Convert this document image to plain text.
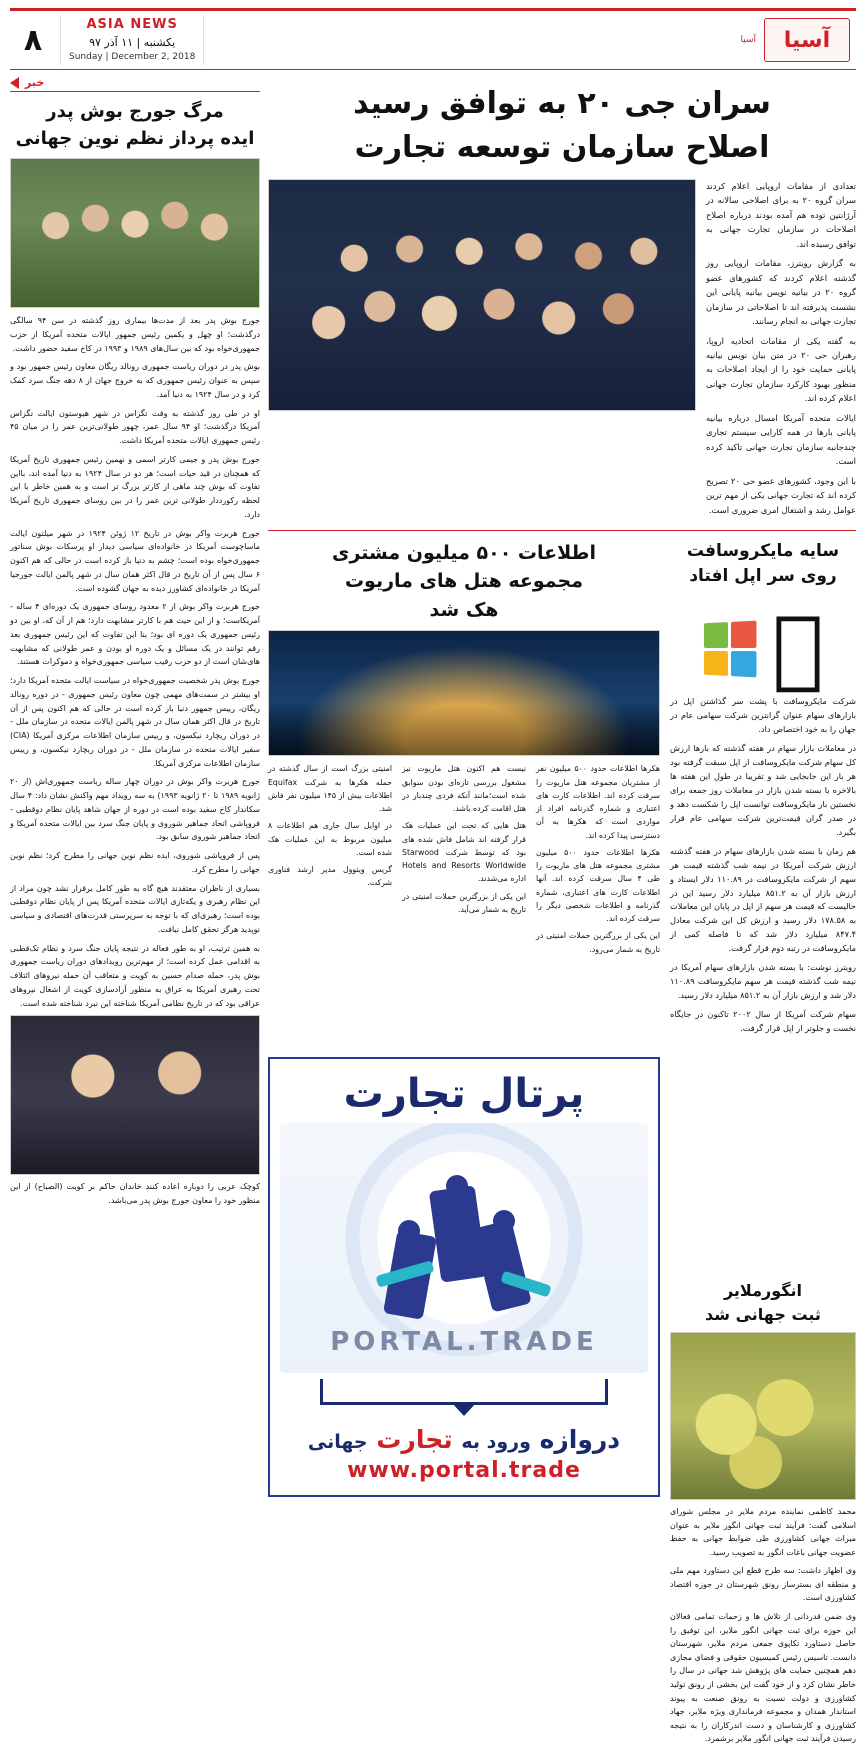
آسیا
آسیا
ASIA NEWS
یکشنبه | ۱۱ آذر ۹۷
Sunday | December 2, 2018
۸
سران جی ۲۰ به توافق رسید
اصلاح سازمان توسعه تجارت

تعدادی از مقامات اروپایی اعلام کردند سران گروه ۲۰ به برای اصلاحی سالانه در آرژانتین توده هم آمده بودند درباره اصلاح اصلاحات در سازمان تجارت جهانی به توافق رسیده اند.

به گزارش رویترز، مقامات اروپایی روز گذشته اعلام کردند که کشورهای عضو گروه ۲۰ در بیانیه نویس بیانیه پایانی این نشست پذیرفته اند تا اصلاحاتی در سازمان تجارت جهانی به انجام رسانند.

به گفته یکی از مقامات اتحادیه اروپا، رهبران حی ۲۰ در متن بیان نویس بیانیه پایانی حمایت خود را از ایجاد اصلاحات به منظور بهبود کارکرد سازمان تجارت جهانی اعلام کرده اند.

ایالات متحده آمریکا امسال درباره بیانیه پایانی بارها در همه کارایی سیستم تجاری چندجانبه سازمان تجارت جهانی تاکید کرده است.

با این وجود، کشورهای عضو حی ۲۰ تصریح کرده اند که تجارت جهانی یکی از مهم ترین عوامل رشد و اشتغال امری ضروری است.

سایه مایکروسافت
روی سر اپل افتاد

شرکت مایکروسافت با پشت سر گذاشتن اپل در بازارهای سهام عنوان گرانترین شرکت سهامی عام در جهان را به خود اختصاص داد.

در معاملات بازار سهام در هفته گذشته که بارها ارزش کل سهام شرکت مایکروسافت از اپل سبقت گرفته بود هر بار این جابجایی شد و تقریبا در طول این هفته ها بالاخره با بسته شدن بازار در معاملات روز جمعه برای نخستین بار مایکروسافت توانست اپل را شکست دهد و در صدر گران قیمت‌ترین شرکت سهامی عام قرار بگیرد.

هم زمان با بسته شدن بازارهای سهام در هفته گذشته ارزش شرکت آمریکا در نیمه شب گذشته قیمت هر سهم از شرکت مایکروسافت در ۱۱۰.۸۹ دلار ایستاد و ارزش بازار آن به ۸۵۱.۲ میلیارد دلار رسید این در حالیست که قیمت هر سهم از اپل در پایان این معاملات به ۱۷۸.۵۸ دلار رسید و ارزش کل این شرکت معادل ۸۴۷.۴ میلیارد دلار شد که تا فاصله کمی از مایکروسافت در رتبه دوم قرار گرفت.

رویترز نوشت: با بسته شدن بازارهای سهام آمریکا در نیمه شب گذشته قیمت هر سهم مایکروسافت ۱۱۰.۸۹ دلار شد و ارزش بازار آن به ۸۵۱.۲ میلیارد دلار رسید.

سهام شرکت آمریکا از سال ۲۰۰۲ تاکنون در جایگاه نخست و جلوتر از اپل قرار گرفت.

اطلاعات ۵۰۰ میلیون مشتری
مجموعه هتل های ماریوت
هک شد

هکرها اطلاعات حدود ۵۰۰ میلیون نفر از مشتریان مجموعه هتل ماریوت را سرقت کرده اند. اطلاعات کارت های اعتباری و شماره گذرنامه افراد از مواردی است که هکرها به آن دسترسی پیدا کرده اند.

هکرها اطلاعات حدود ۵۰۰ میلیون مشتری مجموعه هتل های ماریوت را طی ۴ سال سرقت کرده اند. آنها اطلاعات کارت های اعتباری، شماره گذرنامه و اطلاعات شخصی دیگر را سرقت کرده اند.

این یکی از بزرگترین حملات امنیتی در تاریخ به شمار می‌رود.

نیست هم اکنون هتل ماریوت نیز مشغول بررسی تازه‌ای بودن سوابق شده است؛مانند آنکه فردی چندبار در هتل اقامت کرده باشد.

هتل هایی که تحت این عملیات هک قرار گرفته اند شامل فاش شده های بود که توسط شرکت Starwood Hotels and Resorts Worldwide اداره می‌شدند.

این یکی از بزرگترین حملات امنیتی در تاریخ به شمار می‌آید.

امنیتی بزرگ است از سال گذشته در حمله هکرها به شرکت Equifax اطلاعات بیش از ۱۴۵ میلیون نفر فاش شد.

در اوایل سال جاری هم اطلاعات ۸ میلیون مربوط به این عملیات هک شده است.

گریس ویتوول مدیر ارشد فناوری شرکت.

انگورملایر
ثبت جهانی شد

محمد کاظمی نماینده مردم ملایر در مجلس شورای اسلامی گفت: فرآیند ثبت جهانی انگور ملایر به عنوان میراث جهانی کشاورزی طی ضوابط جهانی به حفظ عضویت جهانی باغات انگور به تصویب رسید.

وی اظهار داشت: سه طرح قطع این دستاورد مهم ملی و منطقه ای بسترساز رونق شهرستان در حوزه اقتصاد کشاورزی است.

وی ضمن قدردانی از تلاش ها و زحمات تمامی فعالان این حوزه برای ثبت جهانی انگور ملایر، این توفیق را حاصل دستاورد تکاپوی جمعی مردم ملایر، شهرستان دانست. تاسیس رئیس کمیسیون حقوقی و فضای مجازی دهم همچنین حمایت های پژوهش شد جهانی در سال را خاطر نشان کرد و از خود گفت این بخشی از رونق تولید کشاورزی و دولت نسبت به رونق صنعت به پیوند استاندار همدان و مجموعه فرمانداری ویژه ملایر، جهاد کشاورزی و کارشناسان و دست اندرکاران را به نتیجه رسیدن فرآیند ثبت جهانی انگور ملایر برشمرد.

پرتال تجارت
PORTAL.TRADE
دروازه ورود به تجارت جهانی
www.portal.trade
خبر
مرگ جورج بوش پدر
ایده پرداز نظم نوین جهانی

جورج بوش پدر بعد از مدت‌ها بیماری روز گذشته در سن ۹۴ سالگی درگذشت؛ او چهل و یکمین رئیس جمهور ایالات متحده آمریکا از حزب جمهوری‌خواه بود که بین سال‌های ۱۹۸۹ و ۱۹۹۳ در کاخ سفید حضور داشت.

بوش پدر در دوران ریاست جمهوری رونالد ریگان معاون رئیس جمهور بود و سپس به عنوان رئیس جمهوری که به خروج جهان از ۸ دهه جنگ سرد کمک کرد و در سال ۱۹۲۴ به دنیا آمد.

او در طی روز گذشته به وقت تگزاس در شهر هیوستون ایالت تگزاس آمریکا درگذشت؛ او ۹۴ سال عمر، چهور طولانی‌ترین عمر را در میان ۴۵ رئیس جمهوری ایالات متحده آمریکا داشت.

جورج بوش پدر و جیمی کارتر اسمی و نهمین رئیس جمهوری تاریخ آمریکا که همچنان در قید حیات است؛ هر دو در سال ۱۹۲۴ به دنیا آمده اند، بااین تفاوت که بوش چند ماهی از کارتر بزرگ تر است و به همین خاطر با این لحظه رکورددار طولانی ترین عمر را در بین روسای جمهوری تاریخ آمریکا دارد.

جورج هربرت واکر بوش در تاریخ ۱۲ ژوئن ۱۹۲۴ در شهر میلتون ایالت ماساچوست آمریکا در خانواده‌ای سیاسی دیدار او پرسکات بوش سناتور جمهوری‌خواه بوده است؛ چشم به دنیا باز کرده است در حالی که هم اکنون ۶ سال پس از آن تاریخ در قال اکثر همان سال در شهر پالمن ایالت جورجیا آمریکا در خانواده‌ای کشاورز دیده به جهان گشوده است.

جورج هربرت واکر بوش از ۲ معدود روسای جمهوری یک دوره‌ای ۴ ساله - آمریکاست؛ و از این حیث هم با کارتر مشابهت دارد؛ هم از آن که، او بین دو رئیس جمهوری یک دوره ای بود؛ بنا این تفاوت که این رئیس جمهوری بعد رقم توانند در یک مسائل و یک دوره او بودن و عمر طولانی که مشابهت های‌شان است از دو حزب رقیب سیاسی جمهوری‌خواه و دموکرات هستند.

جورج بوش پدر شخصیت جمهوری‌خواه در سیاست ایالت متحده آمریکا دارد؛ او بیشتر در سمت‌های مهمی چون معاون رئیس جمهوری - در دوره رونالد ریگان، رییس جمهور دنیا باز کرده است در حالی که هم اکنون پس از آن تاریخ در قال اکثر همان سال در شهر پالمن ایالات متحده در سازمان ملل - در دوران ریچارد نیکسون، و رییس سازمان اطلاعات مرکزی آمریکا (CIA) سفیر ایالات متحده در سازمان ملل - در دوران ریچارد نیکسون، و رییس سازمان اطلاعات مرکزی آمریکا.

جورج هربرت واکر بوش در دوران چهار ساله ریاست جمهوری‌اش (از ۲۰ ژانویه ۱۹۸۹ تا ۲۰ ژانویه ۱۹۹۳) به سه رویداد مهم واکنش نشان داد: ۴ سال سکاندار کاخ سفید بوده است در دوره از جهان شاهد پایان نظام دوقطبی - فروپاشی اتحاد جماهیر شوروی و پایان جنگ سرد بین ایالات متحده آمریکا و اتحاد جماهیر شوروی سابق بود.

پس از فروپاشی شوروی، ایده نظم نوین جهانی را مطرح کرد؛ نظم نوین جهانی را مطرح کرد.

بسیاری از ناظران معتقدند هیچ گاه به طور کامل برقرار نشد چون مراد از این نظام رهبری و یکه‌تازی ایالات متحده آمریکا پس از پایان نظام دوقطبی بوده است؛ رهبری‌ای که با توجه به سرپرستی قدرت‌های اقتصادی و سیاسی نوپدید هرگز تحقق کامل نیافت.

به همین ترتیب، او به طور فعاله در نتیجه پایان جنگ سرد و نظام تک‌قطبی به اقدامی عمل کرده است؛ از مهم‌ترین رویدادهای دوران ریاست جمهوری بوش پدر، حمله صدام حسین به کویت و متعاقب آن حمله نیروهای ائتلاف تحت رهبری آمریکا به عراق به منظور آزادسازی کویت از اشغال نیروهای عراقی بود که در تاریخ نظامی آمریکا شناخته این نبرد شناخته شده است.

کوچک عربی را دوباره اعاده کنند خاندان حاکم بر کویت (الصباح) از این منظور خود را معاون جورج بوش پدر می‌باشد.
